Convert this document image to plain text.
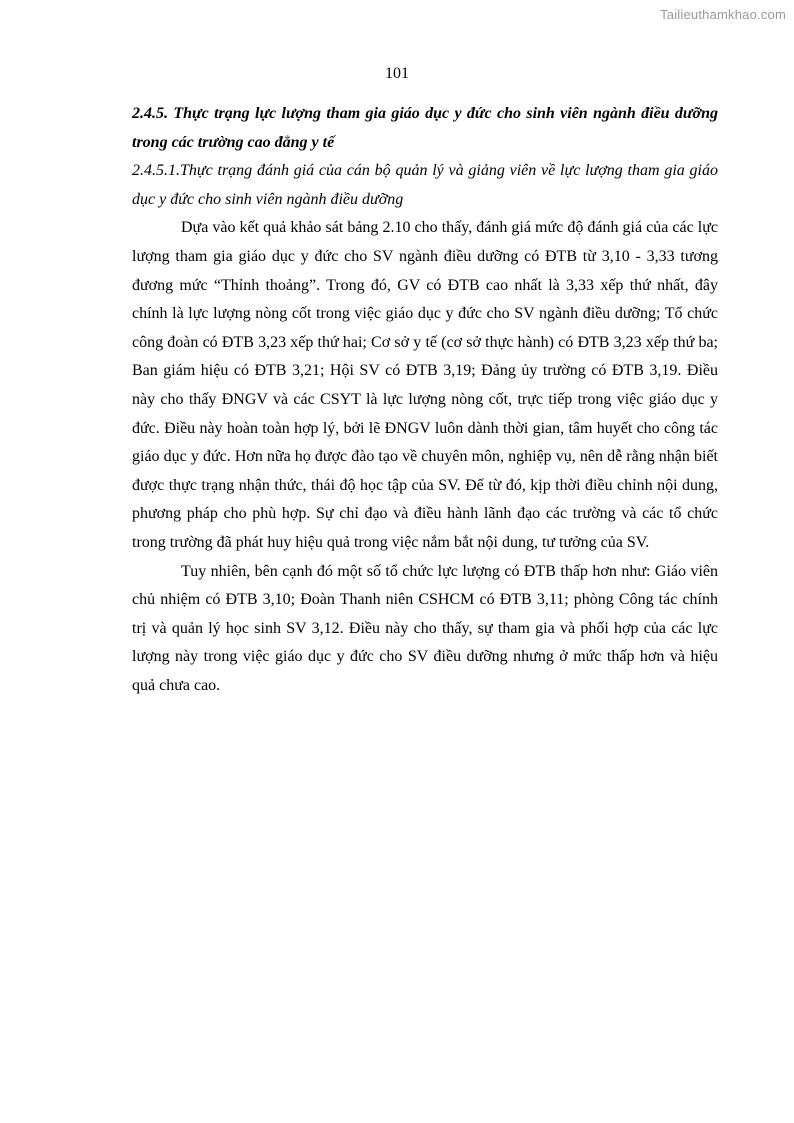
Tailieuthamkhao.com
101

2.4.5. Thực trạng lực lượng tham gia giáo dục y đức cho sinh viên ngành điều dưỡng trong các trường cao đẳng y tế

2.4.5.1.Thực trạng đánh giá của cán bộ quản lý và giảng viên về lực lượng tham gia giáo dục y đức cho sinh viên ngành điều dưỡng

Dựa vào kết quả khảo sát bảng 2.10 cho thấy, đánh giá mức độ đánh giá của các lực lượng tham gia giáo dục y đức cho SV ngành điều dưỡng có ĐTB từ 3,10 - 3,33 tương đương mức “Thỉnh thoảng”. Trong đó, GV có ĐTB cao nhất là 3,33 xếp thứ nhất, đây chính là lực lượng nòng cốt trong việc giáo dục y đức cho SV ngành điều dưỡng; Tổ chức công đoàn có ĐTB 3,23 xếp thứ hai; Cơ sở y tế (cơ sở thực hành) có ĐTB 3,23 xếp thứ ba; Ban giám hiệu có ĐTB 3,21; Hội SV có ĐTB 3,19; Đảng ủy trường có ĐTB 3,19. Điều này cho thấy ĐNGV và các CSYT là lực lượng nòng cốt, trực tiếp trong việc giáo dục y đức. Điều này hoàn toàn hợp lý, bởi lẽ ĐNGV luôn dành thời gian, tâm huyết cho công tác giáo dục y đức. Hơn nữa họ được đào tạo về chuyên môn, nghiệp vụ, nên dễ rằng nhận biết được thực trạng nhận thức, thái độ học tập của SV. Để từ đó, kịp thời điều chỉnh nội dung, phương pháp cho phù hợp. Sự chỉ đạo và điều hành lãnh đạo các trường và các tổ chức trong trường đã phát huy hiệu quả trong việc nắm bắt nội dung, tư tưởng của SV.

Tuy nhiên, bên cạnh đó một số tổ chức lực lượng có ĐTB thấp hơn như: Giáo viên chủ nhiệm có ĐTB 3,10; Đoàn Thanh niên CSHCM có ĐTB 3,11; phòng Công tác chính trị và quản lý học sinh SV 3,12. Điều này cho thấy, sự tham gia và phối hợp của các lực lượng này trong việc giáo dục y đức cho SV điều dưỡng nhưng ở mức thấp hơn và hiệu quả chưa cao.
